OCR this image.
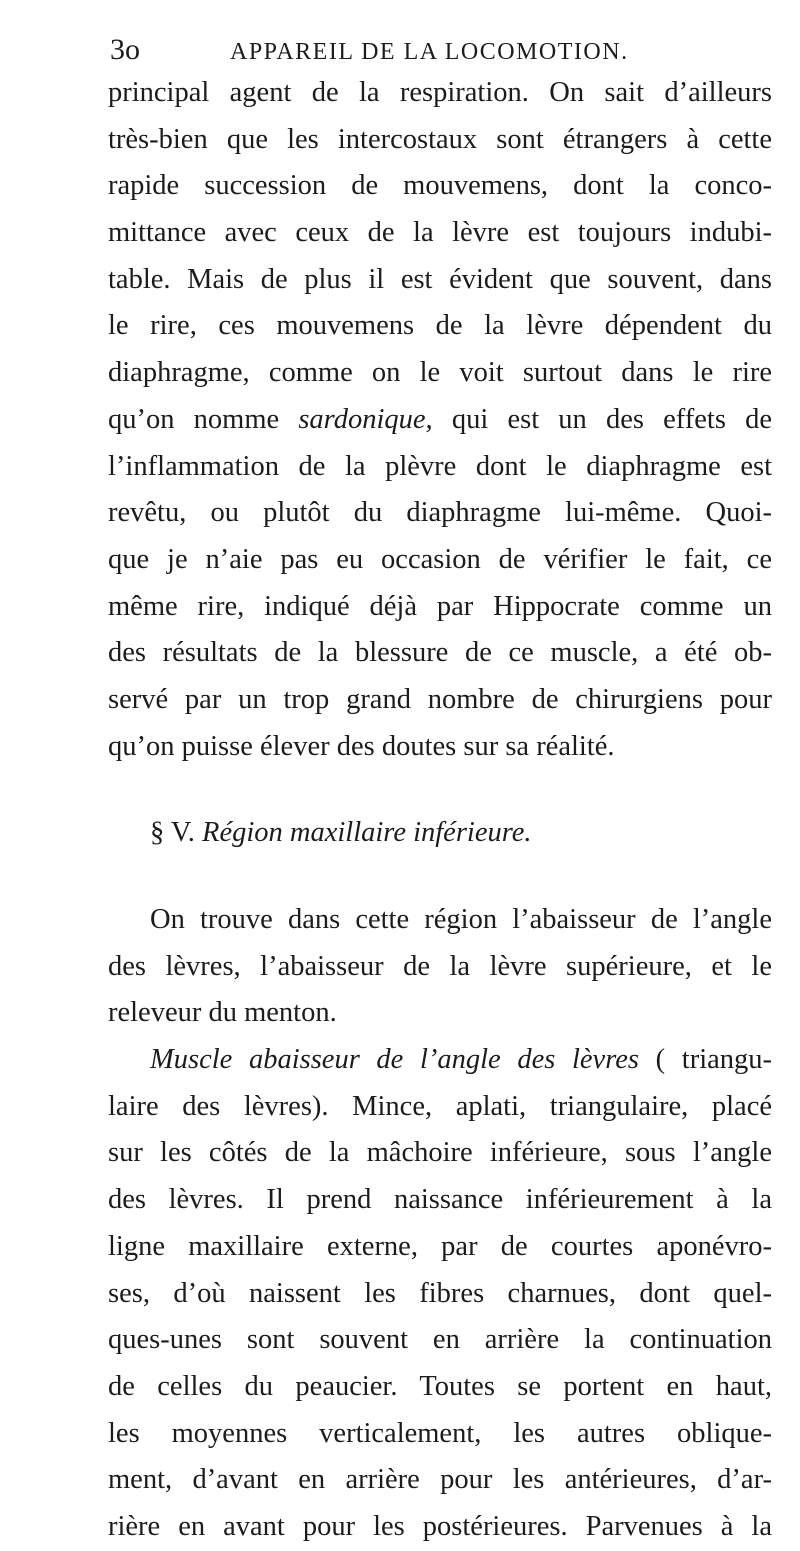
3o	APPAREIL DE LA LOCOMOTION.
principal agent de la respiration. On sait d’ailleurs
très-bien que les intercostaux sont étrangers à cette
rapide succession de mouvemens, dont la conco-
mittance avec ceux de la lèvre est toujours indubi-
table. Mais de plus il est évident que souvent, dans
le rire, ces mouvemens de la lèvre dépendent du
diaphragme, comme on le voit surtout dans le rire
qu’on nomme sardonique, qui est un des effets de
l’inflammation de la plèvre dont le diaphragme est
revêtu, ou plutôt du diaphragme lui-même. Quoi-
que je n’aie pas eu occasion de vérifier le fait, ce
même rire, indiqué déjà par Hippocrate comme un
des résultats de la blessure de ce muscle, a été ob-
servé par un trop grand nombre de chirurgiens pour
qu’on puisse élever des doutes sur sa réalité.
§ V. Région maxillaire inférieure.
On trouve dans cette région l’abaisseur de l’angle
des lèvres, l’abaisseur de la lèvre supérieure, et le
releveur du menton.
Muscle abaisseur de l’angle des lèvres ( triangu-
laire des lèvres). Mince, aplati, triangulaire, placé
sur les côtés de la mâchoire inférieure, sous l’angle
des lèvres. Il prend naissance inférieurement à la
ligne maxillaire externe, par de courtes aponévro-
ses, d’où naissent les fibres charnues, dont quel-
ques-unes sont souvent en arrière la continuation
de celles du peaucier. Toutes se portent en haut,
les moyennes verticalement, les autres oblique-
ment, d’avant en arrière pour les antérieures, d’ar-
rière en avant pour les postérieures. Parvenues à la
